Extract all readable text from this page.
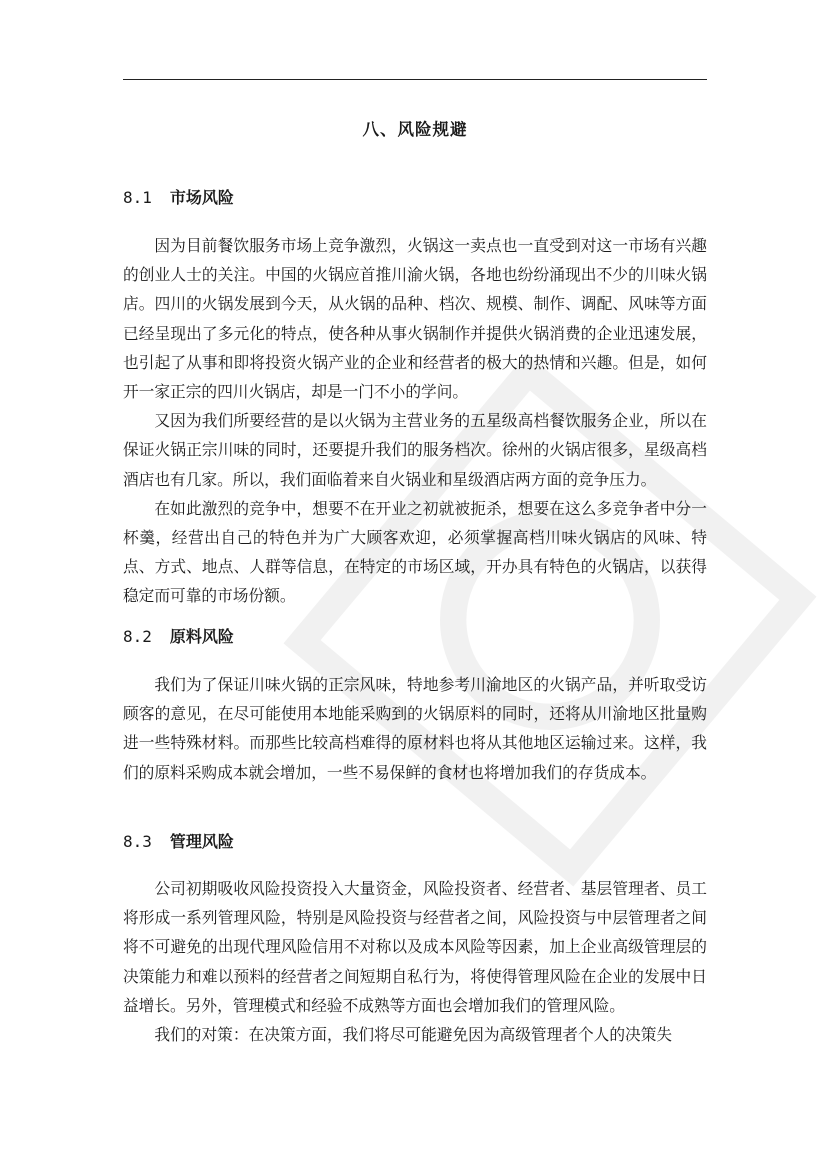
八、风险规避
8.1 市场风险

因为目前餐饮服务市场上竞争激烈，火锅这一卖点也一直受到对这一市场有兴趣的创业人士的关注。中国的火锅应首推川渝火锅，各地也纷纷涌现出不少的川味火锅店。四川的火锅发展到今天，从火锅的品种、档次、规模、制作、调配、风味等方面已经呈现出了多元化的特点，使各种从事火锅制作并提供火锅消费的企业迅速发展，也引起了从事和即将投资火锅产业的企业和经营者的极大的热情和兴趣。但是，如何开一家正宗的四川火锅店，却是一门不小的学问。

又因为我们所要经营的是以火锅为主营业务的五星级高档餐饮服务企业，所以在保证火锅正宗川味的同时，还要提升我们的服务档次。徐州的火锅店很多，星级高档酒店也有几家。所以，我们面临着来自火锅业和星级酒店两方面的竞争压力。

在如此激烈的竞争中，想要不在开业之初就被扼杀，想要在这么多竞争者中分一杯羹，经营出自己的特色并为广大顾客欢迎，必须掌握高档川味火锅店的风味、特点、方式、地点、人群等信息，在特定的市场区域，开办具有特色的火锅店，以获得稳定而可靠的市场份额。

8.2 原料风险

我们为了保证川味火锅的正宗风味，特地参考川渝地区的火锅产品，并听取受访顾客的意见，在尽可能使用本地能采购到的火锅原料的同时，还将从川渝地区批量购进一些特殊材料。而那些比较高档难得的原材料也将从其他地区运输过来。这样，我们的原料采购成本就会增加，一些不易保鲜的食材也将增加我们的存货成本。

8.3 管理风险

公司初期吸收风险投资投入大量资金，风险投资者、经营者、基层管理者、员工将形成一系列管理风险，特别是风险投资与经营者之间，风险投资与中层管理者之间将不可避免的出现代理风险信用不对称以及成本风险等因素，加上企业高级管理层的决策能力和难以预料的经营者之间短期自私行为，将使得管理风险在企业的发展中日益增长。另外，管理模式和经验不成熟等方面也会增加我们的管理风险。

我们的对策：在决策方面，我们将尽可能避免因为高级管理者个人的决策失
